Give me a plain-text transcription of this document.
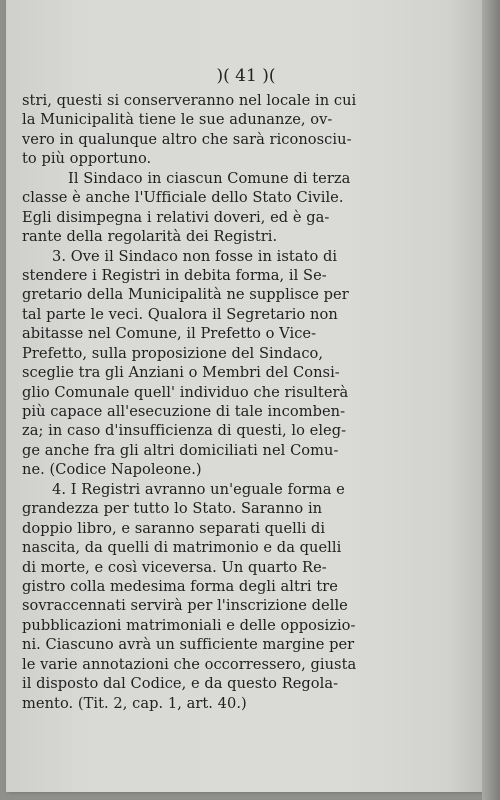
)( 41 )(
stri, questi si conserveranno nel locale in cui
la Municipalità tiene le sue adunanze, ov-
vero in qualunque altro che sarà riconosciu-
to più opportuno.
Il Sindaco in ciascun Comune di terza
classe è anche l'Ufficiale dello Stato Civile.
Egli disimpegna i relativi doveri, ed è ga-
rante della regolarità dei Registri.
3. Ove il Sindaco non fosse in istato di
stendere i Registri in debita forma, il Se-
gretario della Municipalità ne supplisce per
tal parte le veci. Qualora il Segretario non
abitasse nel Comune, il Prefetto o Vice-
Prefetto, sulla proposizione del Sindaco,
sceglie tra gli Anziani o Membri del Consi-
glio Comunale quell' individuo che risulterà
più capace all'esecuzione di tale incomben-
za; in caso d'insufficienza di questi, lo eleg-
ge anche fra gli altri domiciliati nel Comu-
ne. (Codice Napoleone.)
4. I Registri avranno un'eguale forma e
grandezza per tutto lo Stato. Saranno in
doppio libro, e saranno separati quelli di
nascita, da quelli di matrimonio e da quelli
di morte, e così viceversa. Un quarto Re-
gistro colla medesima forma degli altri tre
sovraccennati servirà per l'inscrizione delle
pubblicazioni matrimoniali e delle opposizio-
ni. Ciascuno avrà un sufficiente margine per
le varie annotazioni che occorressero, giusta
il disposto dal Codice, e da questo Regola-
mento. (Tit. 2, cap. 1, art. 40.)
